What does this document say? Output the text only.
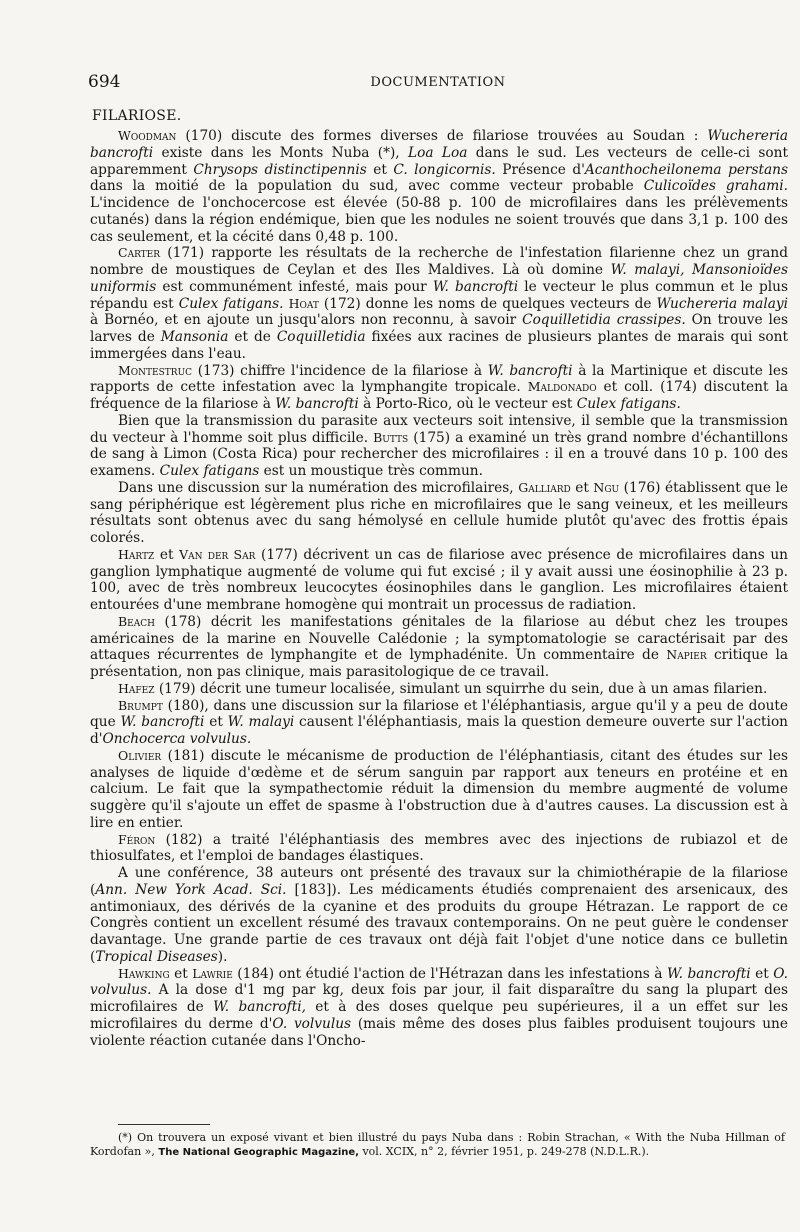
694	DOCUMENTATION
FILARIOSE.

Woodman (170) discute des formes diverses de filariose trouvées au Soudan : Wuchereria bancrofti existe dans les Monts Nuba (*), Loa Loa dans le sud. Les vecteurs de celle-ci sont apparemment Chrysops distinctipennis et C. longicornis. Présence d'Acanthocheilonema perstans dans la moitié de la population du sud, avec comme vecteur probable Culicoïdes grahami. L'incidence de l'onchocercose est élevée (50-88 p. 100 de microfilaires dans les prélèvements cutanés) dans la région endémique, bien que les nodules ne soient trouvés que dans 3,1 p. 100 des cas seulement, et la cécité dans 0,48 p. 100.

Carter (171) rapporte les résultats de la recherche de l'infestation filarienne chez un grand nombre de moustiques de Ceylan et des Iles Maldives. Là où domine W. malayi, Mansonioïdes uniformis est communément infesté, mais pour W. bancrofti le vecteur le plus commun et le plus répandu est Culex fatigans. Hoat (172) donne les noms de quelques vecteurs de Wuchereria malayi à Bornéo, et en ajoute un jusqu'alors non reconnu, à savoir Coquilletidia crassipes. On trouve les larves de Mansonia et de Coquilletidia fixées aux racines de plusieurs plantes de marais qui sont immergées dans l'eau.

Montestruc (173) chiffre l'incidence de la filariose à W. bancrofti à la Martinique et discute les rapports de cette infestation avec la lymphangite tropicale. Maldonado et coll. (174) discutent la fréquence de la filariose à W. bancrofti à Porto-Rico, où le vecteur est Culex fatigans.

Bien que la transmission du parasite aux vecteurs soit intensive, il semble que la transmission du vecteur à l'homme soit plus difficile. Butts (175) a examiné un très grand nombre d'échantillons de sang à Limon (Costa Rica) pour rechercher des microfilaires : il en a trouvé dans 10 p. 100 des examens. Culex fatigans est un moustique très commun.

Dans une discussion sur la numération des microfilaires, Galliard et Ngu (176) établissent que le sang périphérique est légèrement plus riche en microfilaires que le sang veineux, et les meilleurs résultats sont obtenus avec du sang hémolysé en cellule humide plutôt qu'avec des frottis épais colorés.

Hartz et Van der Sar (177) décrivent un cas de filariose avec présence de microfilaires dans un ganglion lymphatique augmenté de volume qui fut excisé ; il y avait aussi une éosinophilie à 23 p. 100, avec de très nombreux leucocytes éosinophiles dans le ganglion. Les microfilaires étaient entourées d'une membrane homogène qui montrait un processus de radiation.

Beach (178) décrit les manifestations génitales de la filariose au début chez les troupes américaines de la marine en Nouvelle Calédonie ; la symptomatologie se caractérisait par des attaques récurrentes de lymphangite et de lymphadénite. Un commentaire de Napier critique la présentation, non pas clinique, mais parasitologique de ce travail.

Hafez (179) décrit une tumeur localisée, simulant un squirrhe du sein, due à un amas filarien.

Brumpt (180), dans une discussion sur la filariose et l'éléphantiasis, argue qu'il y a peu de doute que W. bancrofti et W. malayi causent l'éléphantiasis, mais la question demeure ouverte sur l'action d'Onchocerca volvulus.

Olivier (181) discute le mécanisme de production de l'éléphantiasis, citant des études sur les analyses de liquide d'œdème et de sérum sanguin par rapport aux teneurs en protéine et en calcium. Le fait que la sympathectomie réduit la dimension du membre augmenté de volume suggère qu'il s'ajoute un effet de spasme à l'obstruction due à d'autres causes. La discussion est à lire en entier.

Féron (182) a traité l'éléphantiasis des membres avec des injections de rubiazol et de thiosulfates, et l'emploi de bandages élastiques.

A une conférence, 38 auteurs ont présenté des travaux sur la chimiothérapie de la filariose (Ann. New York Acad. Sci. [183]). Les médicaments étudiés comprenaient des arsenicaux, des antimoniaux, des dérivés de la cyanine et des produits du groupe Hétrazan. Le rapport de ce Congrès contient un excellent résumé des travaux contemporains. On ne peut guère le condenser davantage. Une grande partie de ces travaux ont déjà fait l'objet d'une notice dans ce bulletin (Tropical Diseases).

Hawking et Lawrie (184) ont étudié l'action de l'Hétrazan dans les infestations à W. bancrofti et O. volvulus. A la dose d'1 mg par kg, deux fois par jour, il fait disparaître du sang la plupart des microfilaires de W. bancrofti, et à des doses quelque peu supérieures, il a un effet sur les microfilaires du derme d'O. volvulus (mais même des doses plus faibles produisent toujours une violente réaction cutanée dans l'Oncho-

(*) On trouvera un exposé vivant et bien illustré du pays Nuba dans : Robin Strachan, « With the Nuba Hillman of Kordofan », The National Geographic Magazine, vol. XCIX, n° 2, février 1951, p. 249-278 (N.D.L.R.).
